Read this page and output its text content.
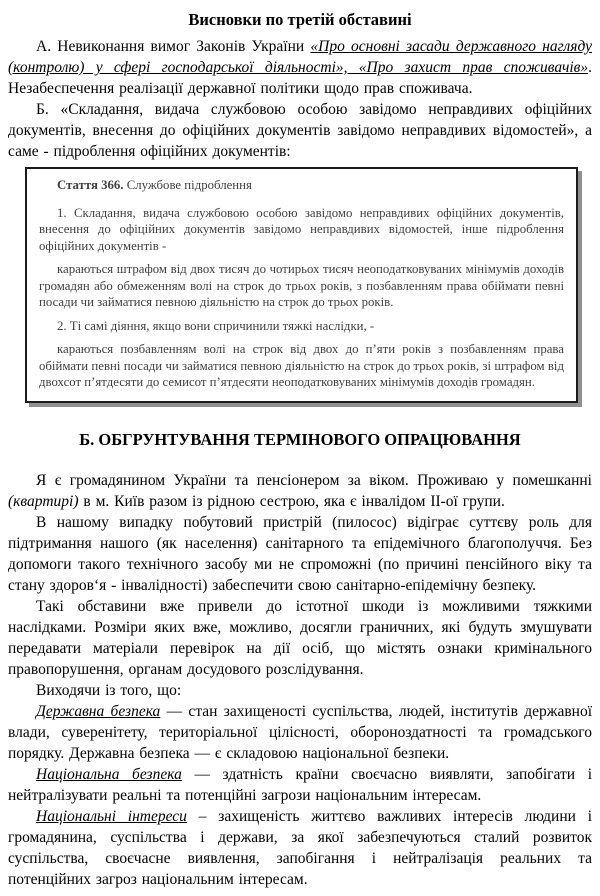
Висновки по третій обставині

А. Невиконання вимог Законів України «Про основні засади державного нагляду (контролю) у сфері господарської діяльності», «Про захист прав споживачів». Незабеспечення реалізації державної політики щодо прав споживача.

Б. «Складання, видача службовою особою завідомо неправдивих офіційних документів, внесення до офіційних документів завідомо неправдивих відомостей», а саме - підроблення офіційних документів:

Стаття 366. Службове підроблення

1. Складання, видача службовою особою завідомо неправдивих офіційних документів, внесення до офіційних документів завідомо неправдивих відомостей, інше підроблення офіційних документів -

караються штрафом від двох тисяч до чотирьох тисяч неоподатковуваних мінімумів доходів громадян або обмеженням волі на строк до трьох років, з позбавленням права обіймати певні посади чи займатися певною діяльністю на строк до трьох років.

2. Ті самі діяння, якщо вони спричинили тяжкі наслідки, -

караються позбавленням волі на строк від двох до п’яти років з позбавленням права обіймати певні посади чи займатися певною діяльністю на строк до трьох років, зі штрафом від двохсот п’ятдесяти до семисот п’ятдесяти неоподатковуваних мінімумів доходів громадян.

Б. ОБГРУНТУВАННЯ ТЕРМІНОВОГО ОПРАЦЮВАННЯ

Я є громадянином України та пенсіонером за віком. Проживаю у помешканні (квартирі) в м. Київ разом із рідною сестрою, яка є інвалідом ІІ-ої групи.

В нашому випадку побутовий пристрій (пилосос) відіграє суттєву роль для підтримання нашого (як населення) санітарного та епідемічного благополуччя. Без допомоги такого технічного засобу ми не спроможні (по причині пенсійного віку та стану здоров‘я - інвалідності) забеспечити свою санітарно-епідемічну безпеку.

Такі обставини вже привели до істотної шкоди із можливими тяжкими наслідками. Розміри яких вже, можливо, досягли граничних, які будуть змушувати передавати матеріали перевірок на дії осіб, що містять ознаки кримінального правопорушення, органам досудового розслідування.

Виходячи із того, що:

Державна безпека — стан захищеності суспільства, людей, інститутів державної влади, суверенітету, територіальної цілісності, обороноздатності та громадського порядку. Державна безпека — є складовою національної безпеки.

Національна безпека — здатність країни своєчасно виявляти, запобігати і нейтралізувати реальні та потенційні загрози національним інтересам.

Національні інтереси – захищеність життєво важливих інтересів людини і громадянина, суспільства і держави, за якої забезпечуються сталий розвиток суспільства, своєчасне виявлення, запобігання і нейтралізація реальних та потенційних загроз національним інтересам.
